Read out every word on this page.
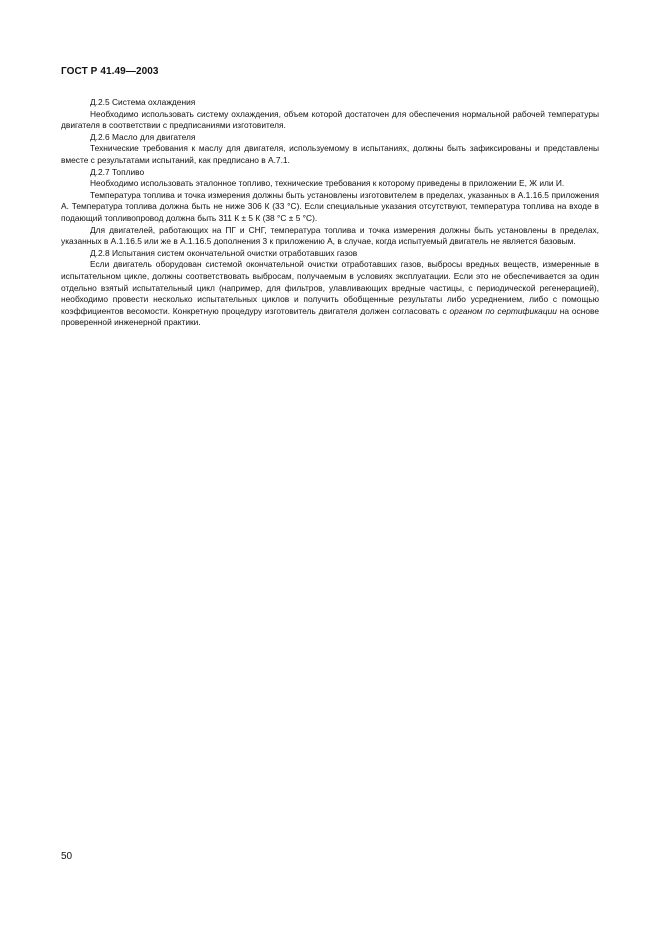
ГОСТ Р 41.49—2003

Д.2.5 Система охлаждения

Необходимо использовать систему охлаждения, объем которой достаточен для обеспечения нормальной рабочей температуры двигателя в соответствии с предписаниями изготовителя.

Д.2.6 Масло для двигателя

Технические требования к маслу для двигателя, используемому в испытаниях, должны быть зафиксированы и представлены вместе с результатами испытаний, как предписано в А.7.1.

Д.2.7 Топливо

Необходимо использовать эталонное топливо, технические требования к которому приведены в приложении Е, Ж или И.

Температура топлива и точка измерения должны быть установлены изготовителем в пределах, указанных в А.1.16.5 приложения А. Температура топлива должна быть не ниже 306 К (33 °С). Если специальные указания отсутствуют, температура топлива на входе в подающий топливопровод должна быть 311 К ± 5 К (38 °С ± 5 °С).

Для двигателей, работающих на ПГ и СНГ, температура топлива и точка измерения должны быть установлены в пределах, указанных в А.1.16.5 или же в А.1.16.5 дополнения 3 к приложению А, в случае, когда испытуемый двигатель не является базовым.

Д.2.8 Испытания систем окончательной очистки отработавших газов

Если двигатель оборудован системой окончательной очистки отработавших газов, выбросы вредных веществ, измеренные в испытательном цикле, должны соответствовать выбросам, получаемым в условиях эксплуатации. Если это не обеспечивается за один отдельно взятый испытательный цикл (например, для фильтров, улавливающих вредные частицы, с периодической регенерацией), необходимо провести несколько испытательных циклов и получить обобщенные результаты либо усреднением, либо с помощью коэффициентов весомости. Конкретную процедуру изготовитель двигателя должен согласовать с органом по сертификации на основе проверенной инженерной практики.

50
